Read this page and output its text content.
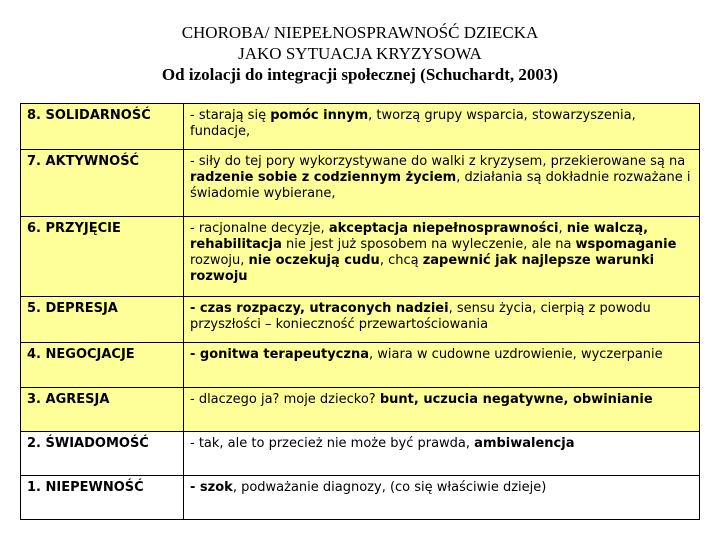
CHOROBA/ NIEPEŁNOSPRAWNOŚĆ DZIECKA
JAKO SYTUACJA KRYZYSOWA
Od izolacji do integracji społecznej (Schuchardt, 2003)
8. SOLIDARNOŚĆ	- starają się pomóc innym, tworzą grupy wsparcia, stowarzyszenia, fundacje,
7. AKTYWNOŚĆ	- siły do tej pory wykorzystywane do walki z kryzysem, przekierowane są na radzenie sobie z codziennym życiem, działania są dokładnie rozważane i świadomie wybierane,
6. PRZYJĘCIE	- racjonalne decyzje, akceptacja niepełnosprawności, nie walczą, rehabilitacja nie jest już sposobem na wyleczenie, ale na wspomaganie rozwoju, nie oczekują cudu, chcą zapewnić jak najlepsze warunki rozwoju
5. DEPRESJA	- czas rozpaczy, utraconych nadziei, sensu życia, cierpią z powodu przyszłości – konieczność przewartościowania
4. NEGOCJACJE	- gonitwa terapeutyczna, wiara w cudowne uzdrowienie, wyczerpanie
3. AGRESJA	- dlaczego ja? moje dziecko? bunt, uczucia negatywne, obwinianie
2. ŚWIADOMOŚĆ	- tak, ale to przecież nie może być prawda, ambiwalencja
1. NIEPEWNOŚĆ	- szok, podważanie diagnozy, (co się właściwie dzieje)
